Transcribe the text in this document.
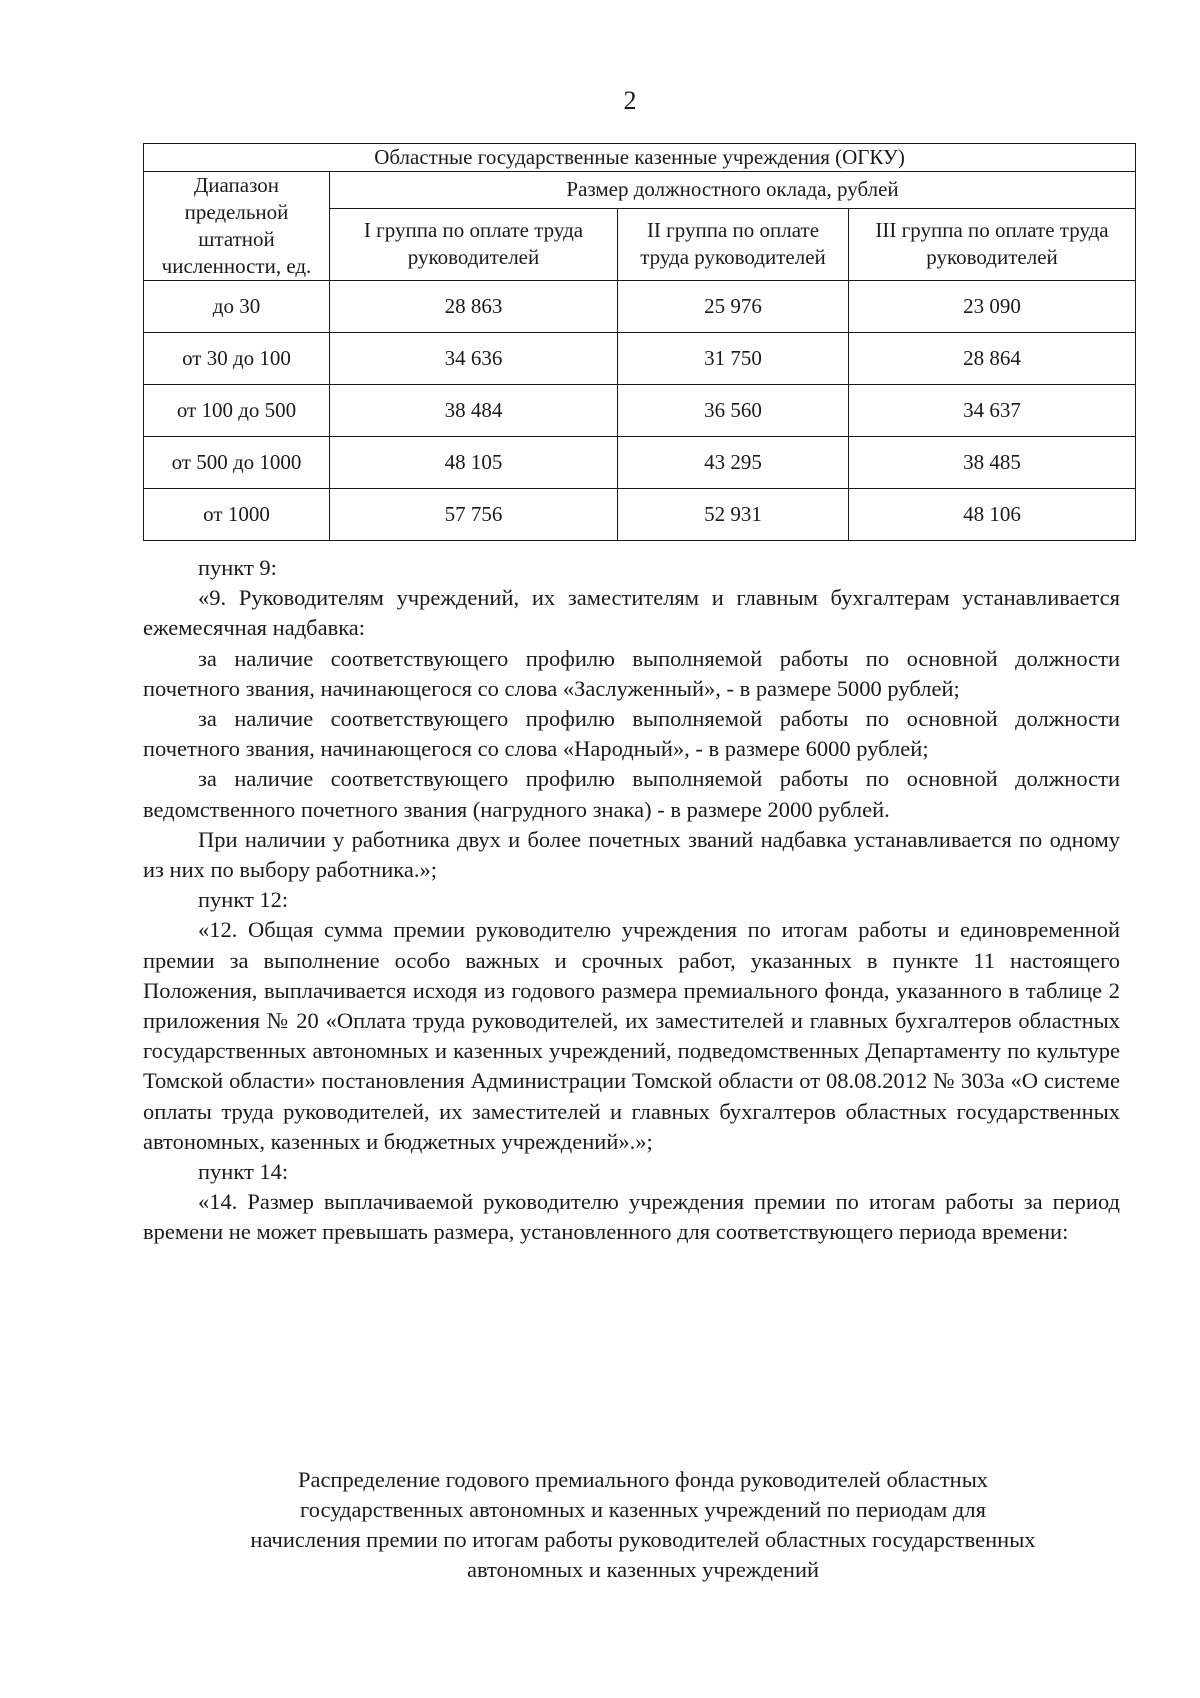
2
Областные государственные казенные учреждения (ОГКУ)			
Диапазон предельной штатной численности, ед.	Размер должностного оклада, рублей		
	I группа по оплате труда руководителей	II группа по оплате труда руководителей	III группа по оплате труда руководителей
до 30	28 863	25 976	23 090
от 30 до 100	34 636	31 750	28 864
от 100 до 500	38 484	36 560	34 637
от 500 до 1000	48 105	43 295	38 485
от 1000	57 756	52 931	48 106

пункт 9:

«9. Руководителям учреждений, их заместителям и главным бухгалтерам устанавливается ежемесячная надбавка:

за наличие соответствующего профилю выполняемой работы по основной должности почетного звания, начинающегося со слова «Заслуженный», - в размере 5000 рублей;

за наличие соответствующего профилю выполняемой работы по основной должности почетного звания, начинающегося со слова «Народный», - в размере 6000 рублей;

за наличие соответствующего профилю выполняемой работы по основной должности ведомственного почетного звания (нагрудного знака) - в размере 2000 рублей.

При наличии у работника двух и более почетных званий надбавка устанавливается по одному из них по выбору работника.»;

пункт 12:

«12. Общая сумма премии руководителю учреждения по итогам работы и единовременной премии за выполнение особо важных и срочных работ, указанных в пункте 11 настоящего Положения, выплачивается исходя из годового размера премиального фонда, указанного в таблице 2 приложения № 20 «Оплата труда руководителей, их заместителей и главных бухгалтеров областных государственных автономных и казенных учреждений, подведомственных Департаменту по культуре Томской области» постановления Администрации Томской области от 08.08.2012 № 303а «О системе оплаты труда руководителей, их заместителей и главных бухгалтеров областных государственных автономных, казенных и бюджетных учреждений».»;

пункт 14:

«14. Размер выплачиваемой руководителю учреждения премии по итогам работы за период времени не может превышать размера, установленного для соответствующего периода времени:

Распределение годового премиального фонда руководителей областных
государственных автономных и казенных учреждений по периодам для
начисления премии по итогам работы руководителей областных государственных
автономных и казенных учреждений
